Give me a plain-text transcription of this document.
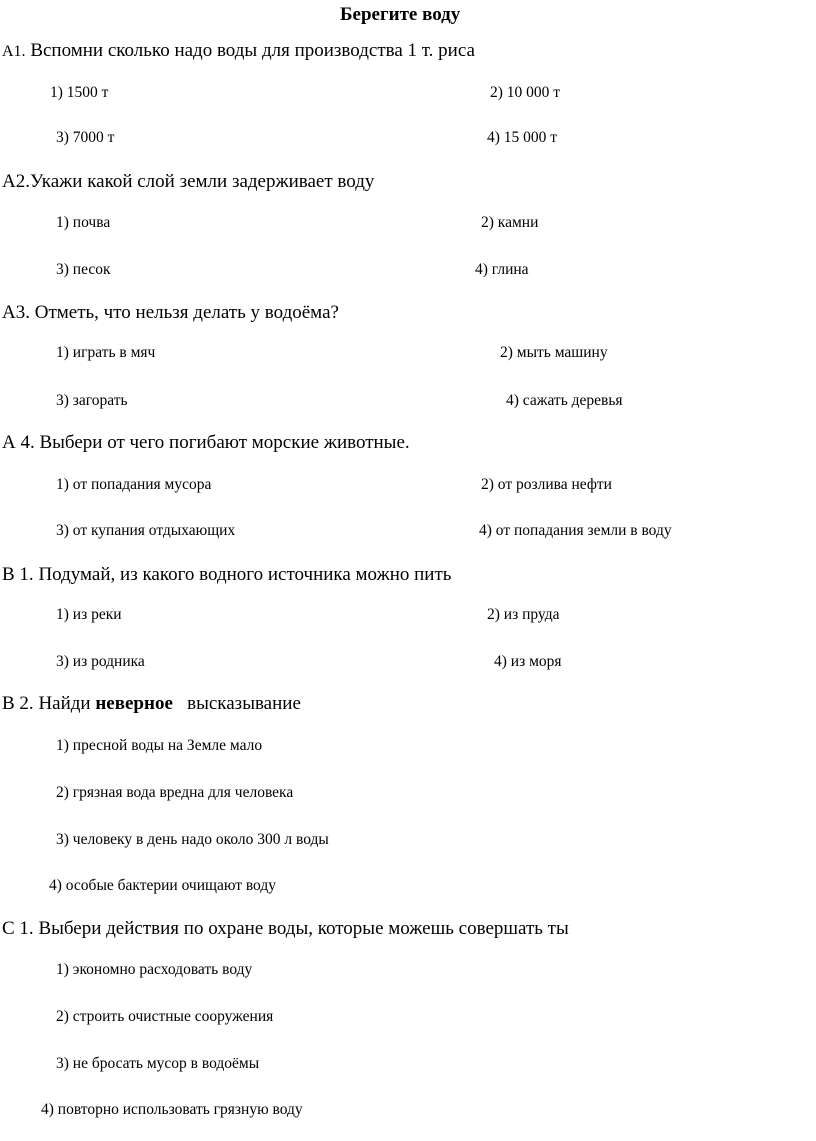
Берегите воду
А1. Вспомни сколько надо воды для производства 1 т. риса
1) 1500 т	2) 10 000 т
3) 7000 т	4) 15 000 т
А2.Укажи какой слой земли задерживает воду
1) почва	2) камни
3) песок	4) глина
А3. Отметь, что нельзя делать у водоёма?
1) играть в мяч	2) мыть машину
3) загорать	4) сажать деревья
А 4. Выбери от чего погибают морские животные.
1) от попадания мусора	2) от розлива нефти
3) от купания отдыхающих	4) от попадания земли в воду
В 1. Подумай, из какого водного источника можно пить
1) из реки	2) из пруда
3) из родника	4) из моря
В 2. Найди неверное   высказывание
1) пресной воды на Земле мало
2) грязная вода вредна для человека
3) человеку в день надо около 300 л воды
4) особые бактерии очищают воду
С 1. Выбери действия по охране воды, которые можешь совершать ты
1) экономно расходовать воду
2) строить очистные сооружения
3) не бросать мусор в водоёмы
4) повторно использовать грязную воду
